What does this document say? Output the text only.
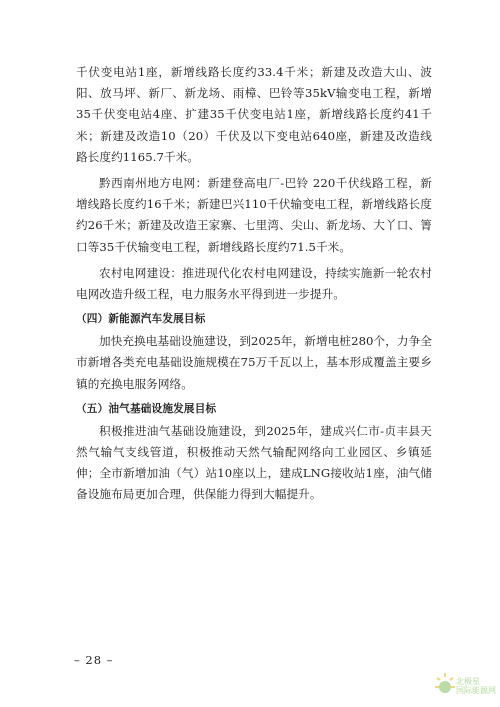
千伏变电站1座，新增线路长度约33.4千米；新建及改造大山、波阳、放马坪、新厂、新龙场、雨樟、巴铃等35kV输变电工程，新增35千伏变电站4座、扩建35千伏变电站1座，新增线路长度约41千米；新建及改造10（20）千伏及以下变电站640座，新建及改造线路长度约1165.7千米。

黔西南州地方电网：新建登高电厂-巴铃 220千伏线路工程，新增线路长度约16千米；新建巴兴110千伏输变电工程，新增线路长度约26千米；新建及改造王家寨、七里湾、尖山、新龙场、大丫口、箐口等35千伏输变电工程，新增线路长度约71.5千米。

农村电网建设：推进现代化农村电网建设，持续实施新一轮农村电网改造升级工程，电力服务水平得到进一步提升。

（四）新能源汽车发展目标

加快充换电基础设施建设，到2025年，新增电桩280个，力争全市新增各类充电基础设施规模在75万千瓦以上，基本形成覆盖主要乡镇的充换电服务网络。

（五）油气基础设施发展目标

积极推进油气基础设施建设，到2025年，建成兴仁市-贞丰县天然气输气支线管道，积极推动天然气输配网络向工业园区、乡镇延伸；全市新增加油（气）站10座以上，建成LNG接收站1座，油气储备设施布局更加合理，供保能力得到大幅提升。

– 28 –
北极星
国际能源网
